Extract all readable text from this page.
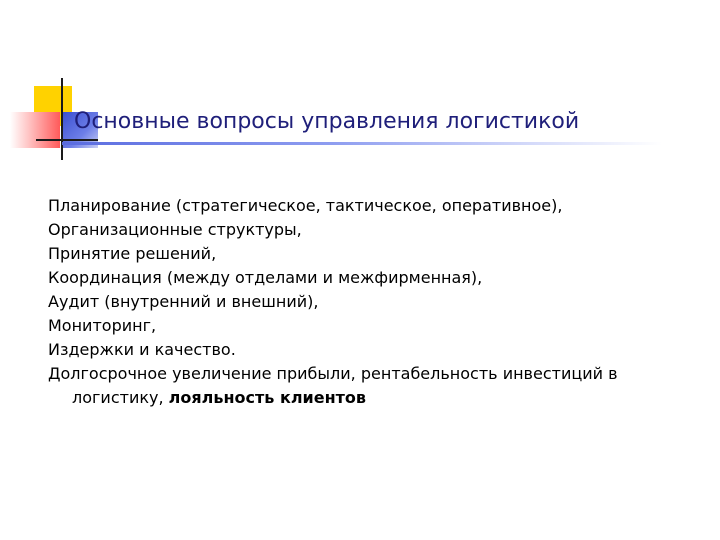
Основные вопросы управления логистикой
Планирование (стратегическое, тактическое, оперативное),
Организационные структуры,
Принятие решений,
Координация (между отделами и межфирменная),
Аудит (внутренний и внешний),
Мониторинг,
Издержки и качество.
Долгосрочное увеличение прибыли, рентабельность инвестиций в логистику, лояльность клиентов
